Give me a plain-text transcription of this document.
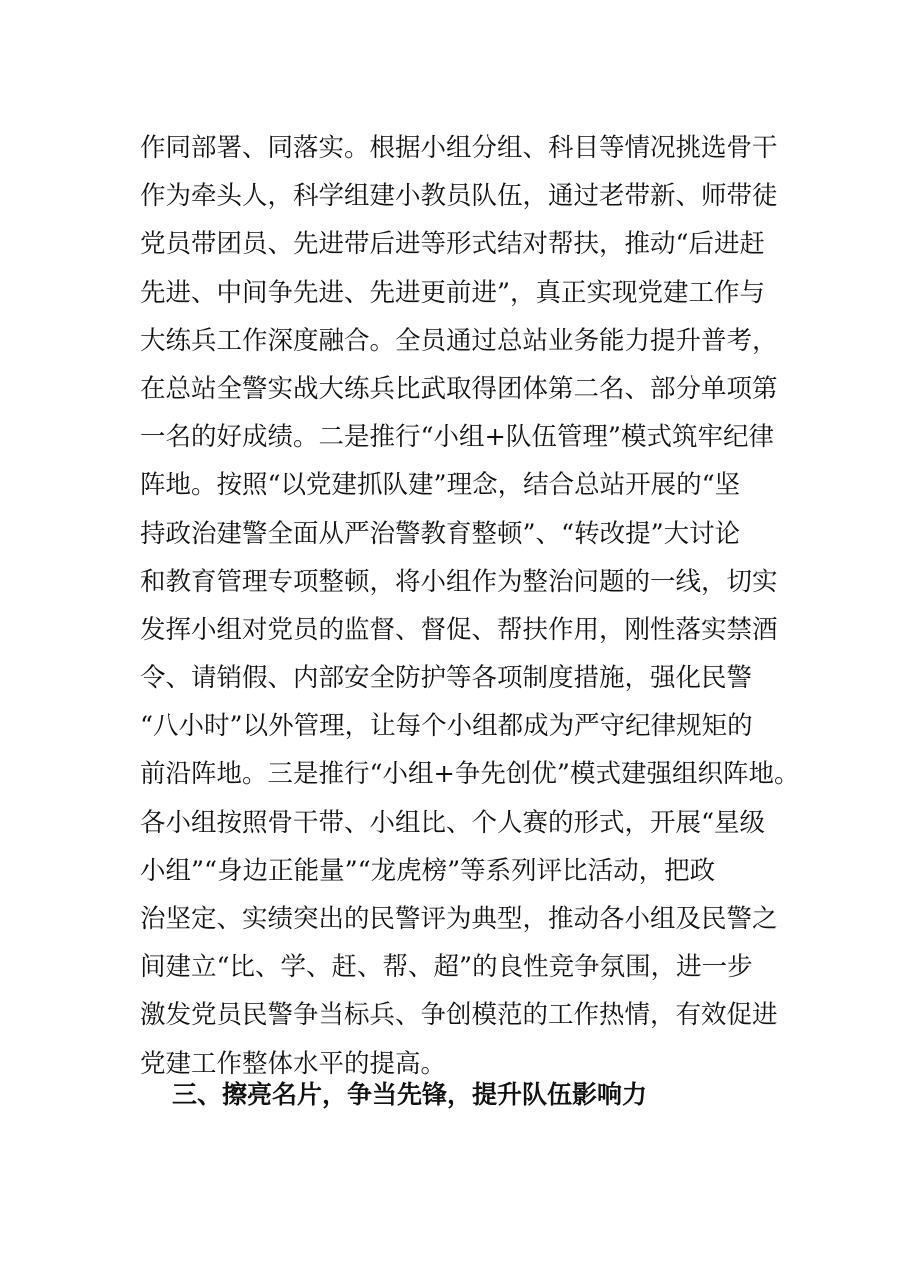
作同部署、同落实。根据小组分组、科目等情况挑选骨干
作为牵头人，科学组建小教员队伍，通过老带新、师带徒
党员带团员、先进带后进等形式结对帮扶，推动“后进赶
先进、中间争先进、先进更前进”，真正实现党建工作与
大练兵工作深度融合。全员通过总站业务能力提升普考，
在总站全警实战大练兵比武取得团体第二名、部分单项第
一名的好成绩。二是推行“小组+队伍管理”模式筑牢纪律
阵地。按照“以党建抓队建”理念，结合总站开展的“坚
持政治建警全面从严治警教育整顿”、“转改提”大讨论
和教育管理专项整顿，将小组作为整治问题的一线，切实
发挥小组对党员的监督、督促、帮扶作用，刚性落实禁酒
令、请销假、内部安全防护等各项制度措施，强化民警
“八小时”以外管理，让每个小组都成为严守纪律规矩的
前沿阵地。三是推行“小组+争先创优”模式建强组织阵地。
各小组按照骨干带、小组比、个人赛的形式，开展“星级
小组”“身边正能量”“龙虎榜”等系列评比活动，把政
治坚定、实绩突出的民警评为典型，推动各小组及民警之
间建立“比、学、赶、帮、超”的良性竞争氛围，进一步
激发党员民警争当标兵、争创模范的工作热情，有效促进
党建工作整体水平的提高。
三、擦亮名片，争当先锋，提升队伍影响力
